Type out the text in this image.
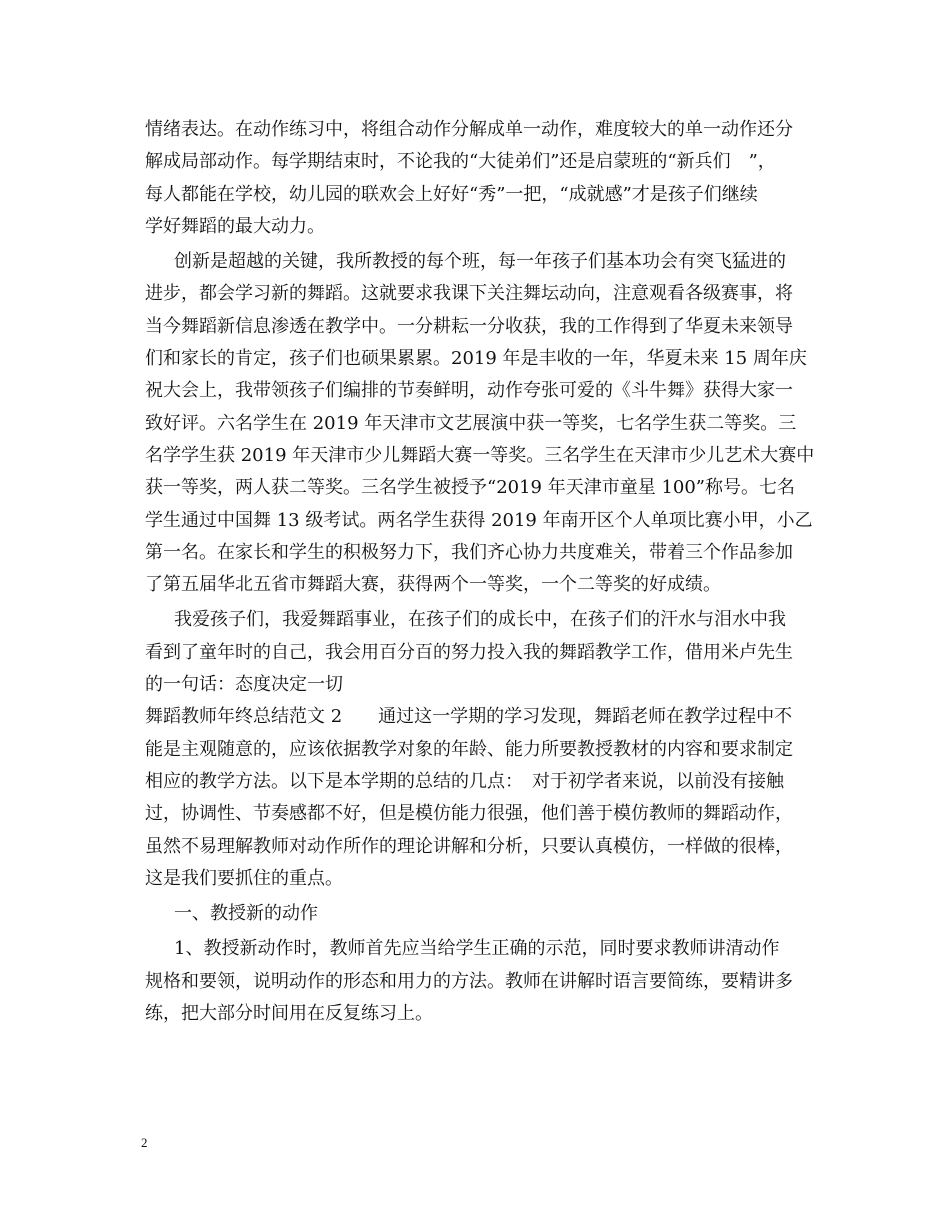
情绪表达。在动作练习中，将组合动作分解成单一动作，难度较大的单一动作还分
解成局部动作。每学期结束时，不论我的“大徒弟们”还是启蒙班的“新兵们　”，
每人都能在学校，幼儿园的联欢会上好好“秀”一把，“成就感”才是孩子们继续
学好舞蹈的最大动力。
创新是超越的关键，我所教授的每个班，每一年孩子们基本功会有突飞猛进的
进步，都会学习新的舞蹈。这就要求我课下关注舞坛动向，注意观看各级赛事，将
当今舞蹈新信息渗透在教学中。一分耕耘一分收获，我的工作得到了华夏未来领导
们和家长的肯定，孩子们也硕果累累。2019 年是丰收的一年，华夏未来 15 周年庆
祝大会上，我带领孩子们编排的节奏鲜明，动作夸张可爱的《斗牛舞》获得大家一
致好评。六名学生在 2019 年天津市文艺展演中获一等奖，七名学生获二等奖。三
名学学生获 2019 年天津市少儿舞蹈大赛一等奖。三名学生在天津市少儿艺术大赛中
获一等奖，两人获二等奖。三名学生被授予“2019 年天津市童星 100”称号。七名
学生通过中国舞 13 级考试。两名学生获得 2019 年南开区个人单项比赛小甲，小乙
第一名。在家长和学生的积极努力下，我们齐心协力共度难关，带着三个作品参加
了第五届华北五省市舞蹈大赛，获得两个一等奖，一个二等奖的好成绩。
我爱孩子们，我爱舞蹈事业，在孩子们的成长中，在孩子们的汗水与泪水中我
看到了童年时的自己，我会用百分百的努力投入我的舞蹈教学工作，借用米卢先生
的一句话：态度决定一切
舞蹈教师年终总结范文 2　　通过这一学期的学习发现，舞蹈老师在教学过程中不
能是主观随意的，应该依据教学对象的年龄、能力所要教授教材的内容和要求制定
相应的教学方法。以下是本学期的总结的几点：　对于初学者来说，以前没有接触
过，协调性、节奏感都不好，但是模仿能力很强，他们善于模仿教师的舞蹈动作，
虽然不易理解教师对动作所作的理论讲解和分析，只要认真模仿，一样做的很棒，
这是我们要抓住的重点。
一、教授新的动作
1、教授新动作时，教师首先应当给学生正确的示范，同时要求教师讲清动作
规格和要领，说明动作的形态和用力的方法。教师在讲解时语言要简练，要精讲多
练，把大部分时间用在反复练习上。
2
